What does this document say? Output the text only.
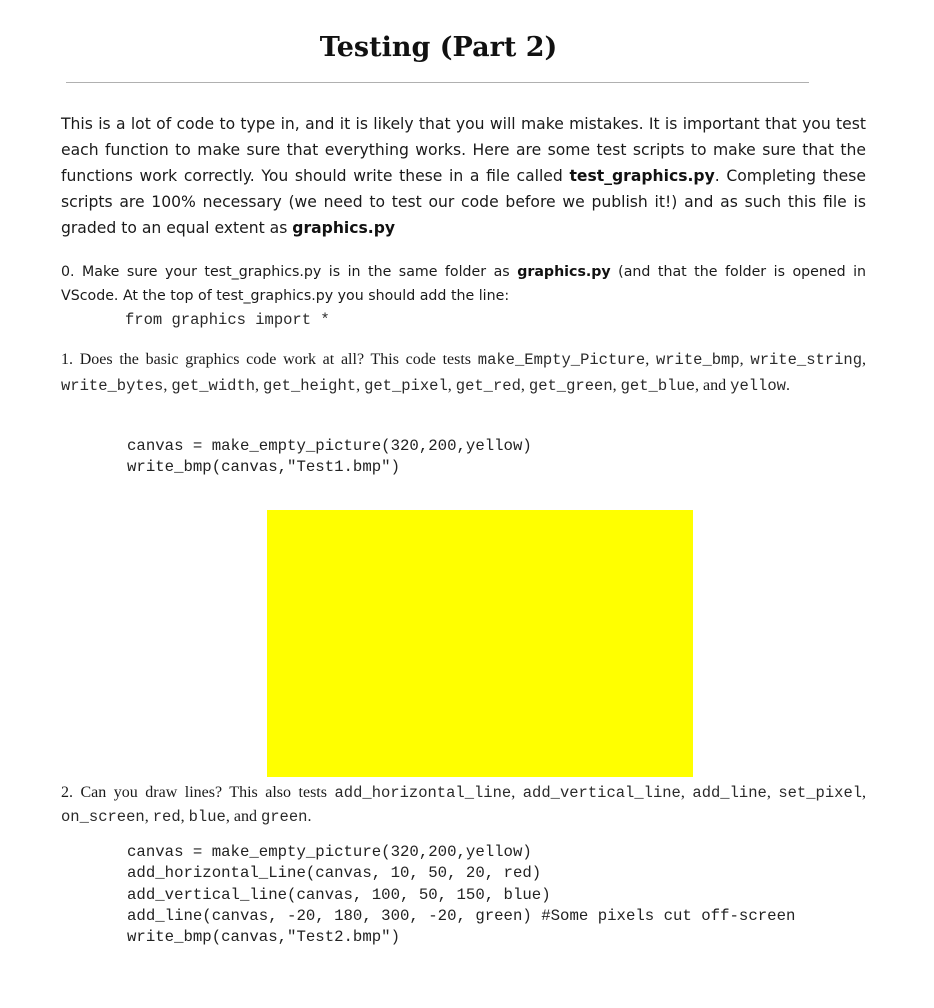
Testing (Part 2)

This is a lot of code to type in, and it is likely that you will make mistakes. It is important that you test each function to make sure that everything works. Here are some test scripts to make sure that the functions work correctly. You should write these in a file called test_graphics.py. Completing these scripts are 100% necessary (we need to test our code before we publish it!) and as such this file is graded to an equal extent as graphics.py

0. Make sure your test_graphics.py is in the same folder as graphics.py (and that the folder is opened in VScode. At the top of test_graphics.py you should add the line:
from graphics import *

1. Does the basic graphics code work at all? This code tests make_Empty_Picture, write_bmp, write_string, write_bytes, get_width, get_height, get_pixel, get_red, get_green, get_blue, and yellow.

canvas = make_empty_picture(320,200,yellow)
write_bmp(canvas,"Test1.bmp")

2. Can you draw lines? This also tests add_horizontal_line, add_vertical_line, add_line, set_pixel, on_screen, red, blue, and green.

canvas = make_empty_picture(320,200,yellow)
add_horizontal_Line(canvas, 10, 50, 20, red)
add_vertical_line(canvas, 100, 50, 150, blue)
add_line(canvas, -20, 180, 300, -20, green) #Some pixels cut off-screen
write_bmp(canvas,"Test2.bmp")
